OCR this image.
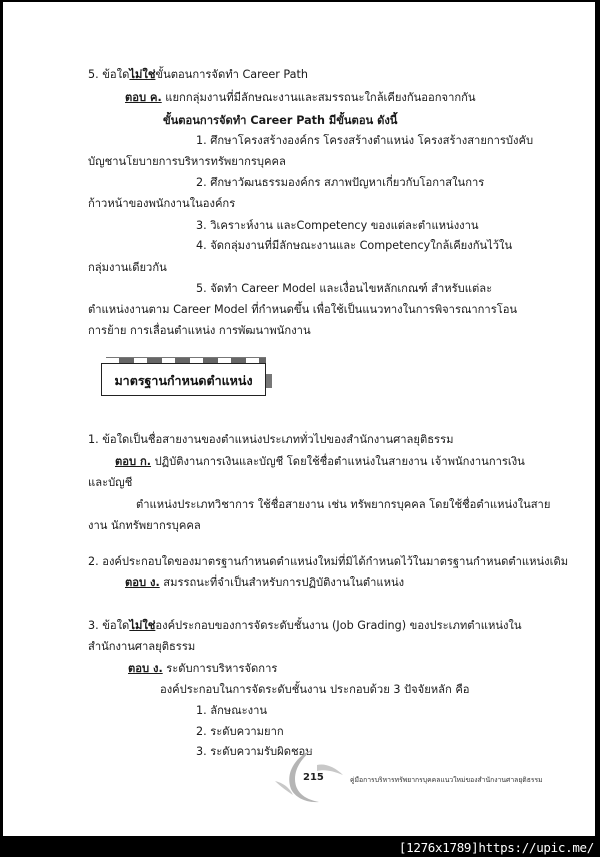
5. ข้อใดไม่ใช่ขั้นตอนการจัดทำ Career Path
ตอบ ค. แยกกลุ่มงานที่มีลักษณะงานและสมรรถนะใกล้เคียงกันออกจากกัน
ขั้นตอนการจัดทำ Career Path มีขั้นตอน ดังนี้
1. ศึกษาโครงสร้างองค์กร โครงสร้างตำแหน่ง โครงสร้างสายการบังคับ
บัญชานโยบายการบริหารทรัพยากรบุคคล
2. ศึกษาวัฒนธรรมองค์กร สภาพปัญหาเกี่ยวกับโอกาสในการ
ก้าวหน้าของพนักงานในองค์กร
3. วิเคราะห์งาน และCompetency ของแต่ละตำแหน่งงาน
4. จัดกลุ่มงานที่มีลักษณะงานและ Competencyใกล้เคียงกันไว้ใน
กลุ่มงานเดียวกัน
5. จัดทำ Career Model และเงื่อนไขหลักเกณฑ์ สำหรับแต่ละ
ตำแหน่งงานตาม Career Model ที่กำหนดขึ้น เพื่อใช้เป็นแนวทางในการพิจารณาการโอน
การย้าย การเลื่อนตำแหน่ง การพัฒนาพนักงาน
มาตรฐานกำหนดตำแหน่ง
1. ข้อใดเป็นชื่อสายงานของตำแหน่งประเภททั่วไปของสำนักงานศาลยุติธรรม
ตอบ ก. ปฏิบัติงานการเงินและบัญชี โดยใช้ชื่อตำแหน่งในสายงาน เจ้าพนักงานการเงิน
และบัญชี
ตำแหน่งประเภทวิชาการ ใช้ชื่อสายงาน เช่น ทรัพยากรบุคคล โดยใช้ชื่อตำแหน่งในสาย
งาน นักทรัพยากรบุคคล
2. องค์ประกอบใดของมาตรฐานกำหนดตำแหน่งใหม่ที่มิได้กำหนดไว้ในมาตรฐานกำหนดตำแหน่งเดิม
ตอบ ง. สมรรถนะที่จำเป็นสำหรับการปฏิบัติงานในตำแหน่ง
3. ข้อใดไม่ใช่องค์ประกอบของการจัดระดับชั้นงาน (Job Grading) ของประเภทตำแหน่งใน
สำนักงานศาลยุติธรรม
ตอบ ง. ระดับการบริหารจัดการ
องค์ประกอบในการจัดระดับชั้นงาน ประกอบด้วย 3 ปัจจัยหลัก คือ
1. ลักษณะงาน
2. ระดับความยาก
3. ระดับความรับผิดชอบ
215	คู่มือการบริหารทรัพยากรบุคคลแนวใหม่ของสำนักงานศาลยุติธรรม
[1276x1789]https://upic.me/
